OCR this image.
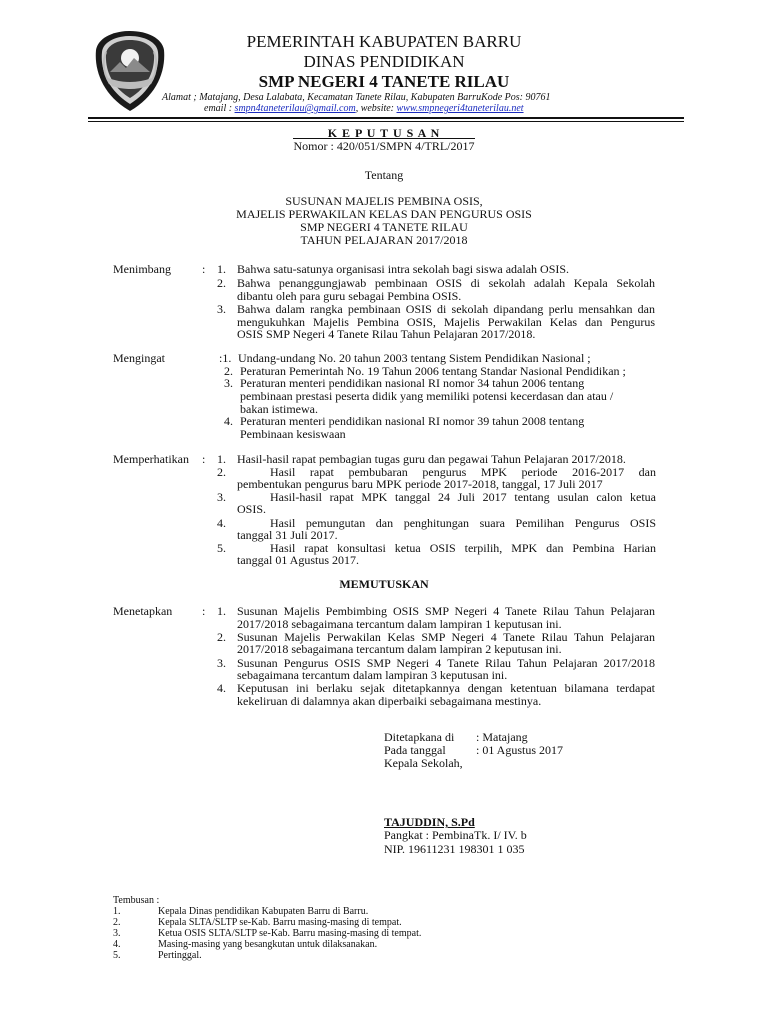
PEMERINTAH KABUPATEN BARRU
DINAS PENDIDIKAN
SMP NEGERI 4 TANETE RILAU
Alamat ; Matajang, Desa Lalabata, Kecamatan Tanete Rilau, Kabupaten BarruKode Pos: 90761
email : smpn4taneterilau@gmail.com, website: www.smpnegeri4taneterilau.net
K E P U T U S A N
Nomor : 420/051/SMPN 4/TRL/2017
Tentang
SUSUNAN MAJELIS PEMBINA OSIS,
MAJELIS PERWAKILAN KELAS DAN PENGURUS OSIS
SMP NEGERI 4 TANETE RILAU
TAHUN PELAJARAN 2017/2018
Menimbang	: 1. Bahwa satu-satunya organisasi intra sekolah bagi siswa adalah OSIS.
2. Bahwa penanggungjawab pembinaan OSIS di sekolah adalah Kepala Sekolah
dibantu oleh para guru sebagai Pembina OSIS.
3. Bahwa dalam rangka pembinaan OSIS di sekolah dipandang perlu mensahkan dan
mengukuhkan Majelis Pembina OSIS, Majelis Perwakilan Kelas dan Pengurus
OSIS SMP Negeri 4 Tanete Rilau Tahun Pelajaran 2017/2018.
Mengingat	:1. Undang-undang No. 20 tahun 2003 tentang Sistem Pendidikan Nasional ;
2. Peraturan Pemerintah No. 19 Tahun 2006 tentang Standar Nasional Pendidikan ;
3. Peraturan menteri pendidikan nasional RI nomor 34 tahun 2006 tentang
pembinaan prestasi peserta didik yang memiliki potensi kecerdasan dan atau /
bakan istimewa.
4. Peraturan menteri pendidikan nasional RI nomor 39 tahun 2008 tentang
Pembinaan kesiswaan
Memperhatikan : 1. Hasil-hasil rapat pembagian tugas guru dan pegawai Tahun Pelajaran 2017/2018.
2.	Hasil rapat pembubaran pengurus MPK periode 2016-2017 dan
pembentukan pengurus baru MPK periode 2017-2018, tanggal, 17 Juli 2017
3.	Hasil-hasil rapat MPK tanggal 24 Juli 2017 tentang usulan calon ketua
OSIS.
4.	Hasil pemungutan dan penghitungan suara Pemilihan Pengurus OSIS
tanggal 31 Juli 2017.
5.	Hasil rapat konsultasi ketua OSIS terpilih, MPK dan Pembina Harian
tanggal 01 Agustus 2017.
MEMUTUSKAN
Menetapkan : 1. Susunan Majelis Pembimbing OSIS SMP Negeri 4 Tanete Rilau Tahun Pelajaran
2017/2018 sebagaimana tercantum dalam lampiran 1 keputusan ini.
2. Susunan Majelis Perwakilan Kelas SMP Negeri 4 Tanete Rilau Tahun Pelajaran
2017/2018 sebagaimana tercantum dalam lampiran 2 keputusan ini.
3. Susunan Pengurus OSIS SMP Negeri 4 Tanete Rilau Tahun Pelajaran 2017/2018
sebagaimana tercantum dalam lampiran 3 keputusan ini.
4. Keputusan ini berlaku sejak ditetapkannya dengan ketentuan bilamana terdapat
kekeliruan di dalamnya akan diperbaiki sebagaimana mestinya.
Ditetapkana di : Matajang
Pada tanggal	: 01 Agustus 2017
Kepala Sekolah,
TAJUDDIN, S.Pd
Pangkat : PembinaTk. I/ IV. b
NIP. 19611231 198301 1 035
Tembusan :
1.	Kepala Dinas pendidikan Kabupaten Barru di Barru.
2.	Kepala SLTA/SLTP se-Kab. Barru masing-masing di tempat.
3.	Ketua OSIS SLTA/SLTP se-Kab. Barru masing-masing di tempat.
4.	Masing-masing yang besangkutan untuk dilaksanakan.
5.	Pertinggal.
